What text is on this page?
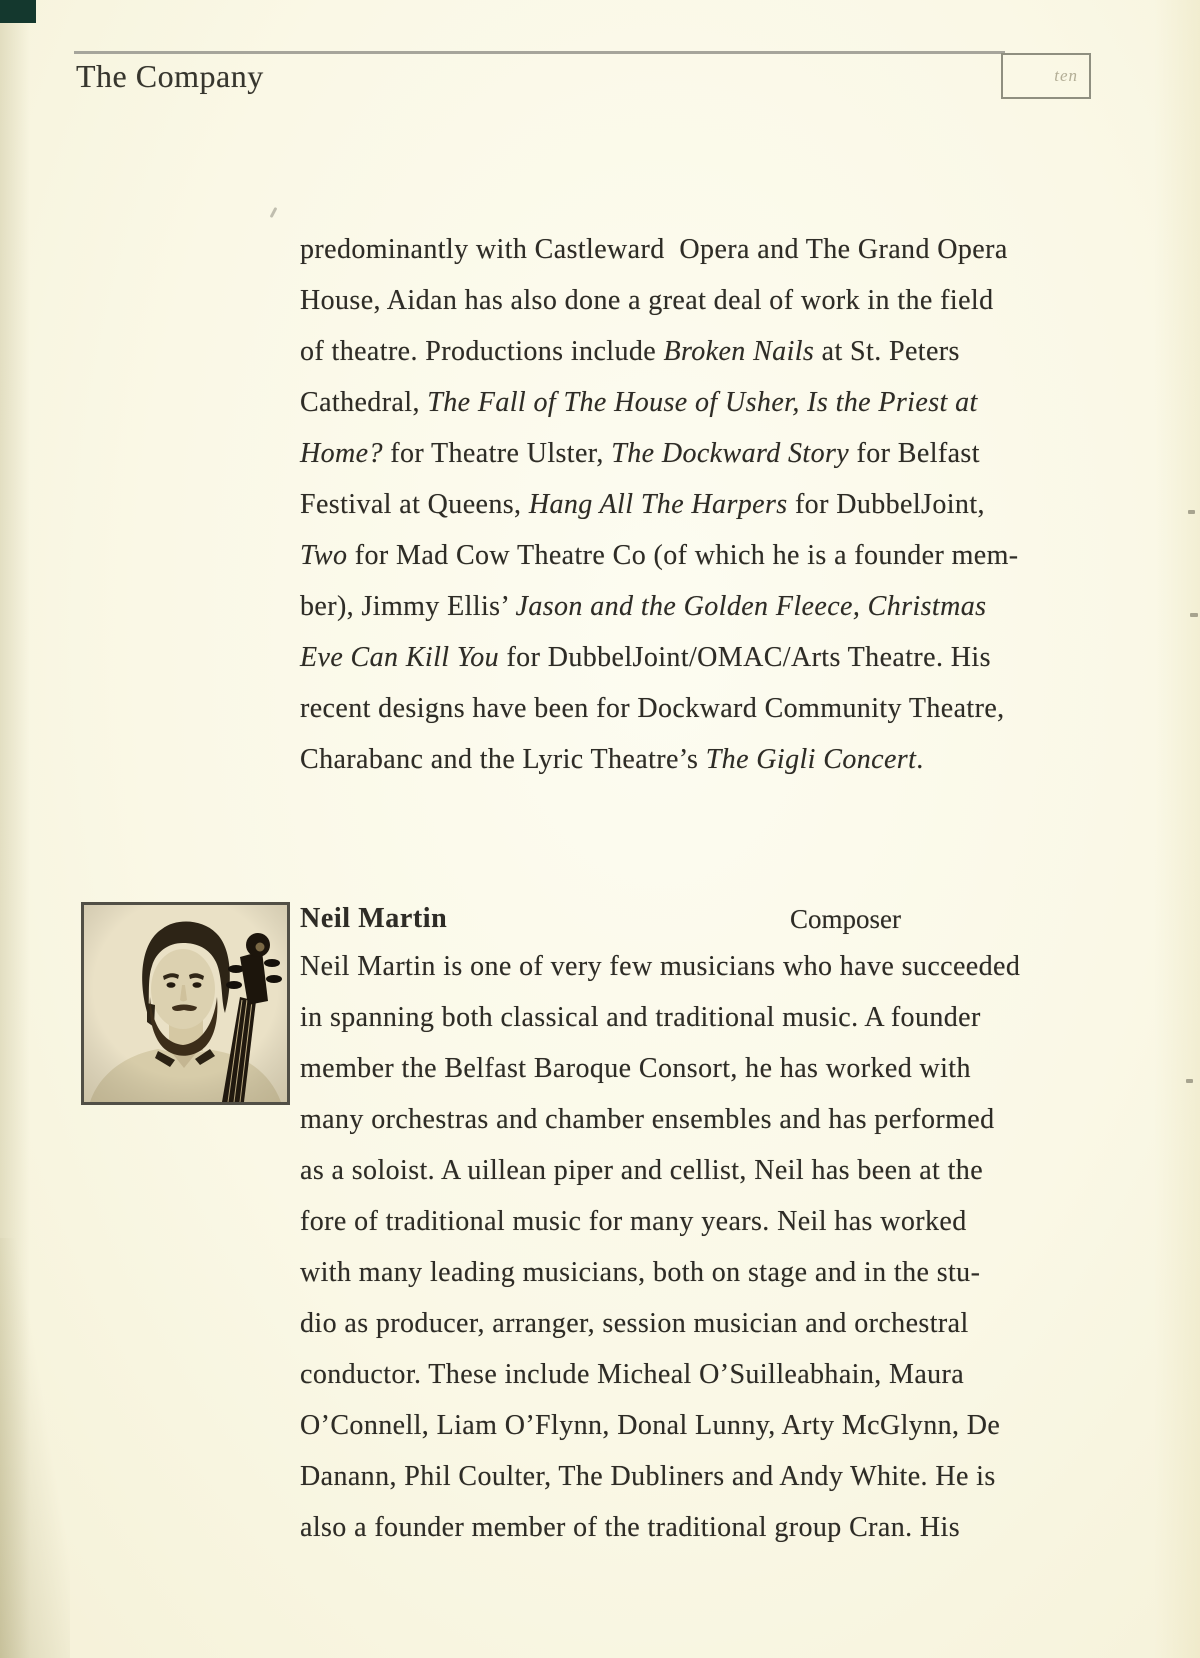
The Company	ten
predominantly with Castleward  Opera and The Grand Opera
House, Aidan has also done a great deal of work in the field
of theatre. Productions include Broken Nails at St. Peters
Cathedral, The Fall of The House of Usher, Is the Priest at
Home? for Theatre Ulster, The Dockward Story for Belfast
Festival at Queens, Hang All The Harpers for DubbelJoint,
Two for Mad Cow Theatre Co (of which he is a founder mem-
ber), Jimmy Ellis’ Jason and the Golden Fleece, Christmas
Eve Can Kill You for DubbelJoint/OMAC/Arts Theatre. His
recent designs have been for Dockward Community Theatre,
Charabanc and the Lyric Theatre’s The Gigli Concert.
Neil Martin	Composer
Neil Martin is one of very few musicians who have succeeded
in spanning both classical and traditional music. A founder
member the Belfast Baroque Consort, he has worked with
many orchestras and chamber ensembles and has performed
as a soloist. A uillean piper and cellist, Neil has been at the
fore of traditional music for many years. Neil has worked
with many leading musicians, both on stage and in the stu-
dio as producer, arranger, session musician and orchestral
conductor. These include Micheal O’Suilleabhain, Maura
O’Connell, Liam O’Flynn, Donal Lunny, Arty McGlynn, De
Danann, Phil Coulter, The Dubliners and Andy White. He is
also a founder member of the traditional group Cran. His
